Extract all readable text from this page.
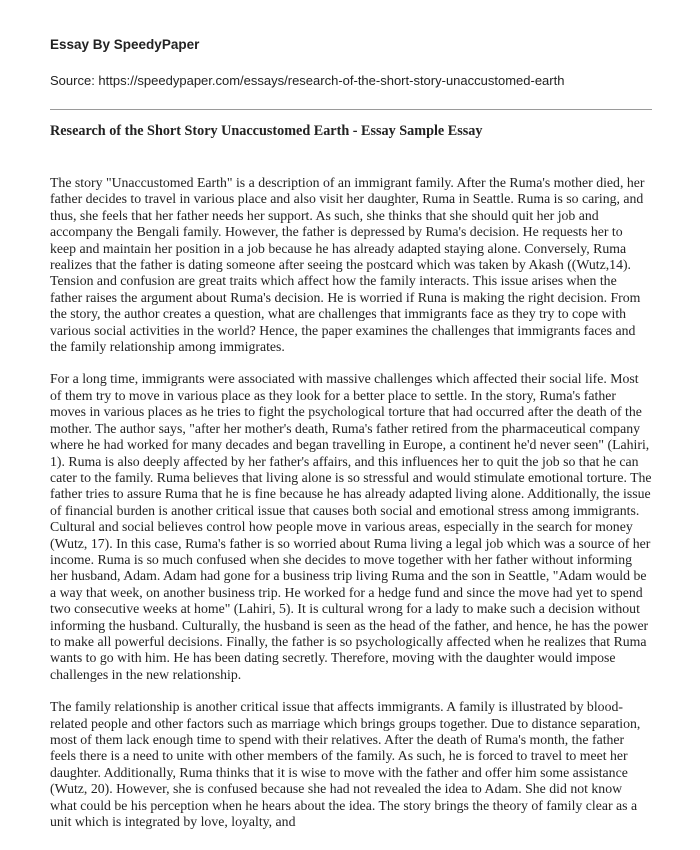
Essay By SpeedyPaper

Source: https://speedypaper.com/essays/research-of-the-short-story-unaccustomed-earth

Research of the Short Story Unaccustomed Earth - Essay Sample Essay

The story "Unaccustomed Earth" is a description of an immigrant family. After the Ruma's mother died, her father decides to travel in various place and also visit her daughter, Ruma in Seattle. Ruma is so caring, and thus, she feels that her father needs her support. As such, she thinks that she should quit her job and accompany the Bengali family. However, the father is depressed by Ruma's decision. He requests her to keep and maintain her position in a job because he has already adapted staying alone. Conversely, Ruma realizes that the father is dating someone after seeing the postcard which was taken by Akash ((Wutz,14). Tension and confusion are great traits which affect how the family interacts. This issue arises when the father raises the argument about Ruma's decision. He is worried if Runa is making the right decision. From the story, the author creates a question, what are challenges that immigrants face as they try to cope with various social activities in the world? Hence, the paper examines the challenges that immigrants faces and the family relationship among immigrates.

For a long time, immigrants were associated with massive challenges which affected their social life. Most of them try to move in various place as they look for a better place to settle. In the story, Ruma's father moves in various places as he tries to fight the psychological torture that had occurred after the death of the mother. The author says, "after her mother's death, Ruma's father retired from the pharmaceutical company where he had worked for many decades and began travelling in Europe, a continent he'd never seen" (Lahiri, 1). Ruma is also deeply affected by her father's affairs, and this influences her to quit the job so that he can cater to the family. Ruma believes that living alone is so stressful and would stimulate emotional torture. The father tries to assure Ruma that he is fine because he has already adapted living alone. Additionally, the issue of financial burden is another critical issue that causes both social and emotional stress among immigrants. Cultural and social believes control how people move in various areas, especially in the search for money (Wutz, 17). In this case, Ruma's father is so worried about Ruma living a legal job which was a source of her income. Ruma is so much confused when she decides to move together with her father without informing her husband, Adam. Adam had gone for a business trip living Ruma and the son in Seattle, "Adam would be a way that week, on another business trip. He worked for a hedge fund and since the move had yet to spend two consecutive weeks at home" (Lahiri, 5). It is cultural wrong for a lady to make such a decision without informing the husband. Culturally, the husband is seen as the head of the father, and hence, he has the power to make all powerful decisions. Finally, the father is so psychologically affected when he realizes that Ruma wants to go with him. He has been dating secretly. Therefore, moving with the daughter would impose challenges in the new relationship.

The family relationship is another critical issue that affects immigrants. A family is illustrated by blood-related people and other factors such as marriage which brings groups together. Due to distance separation, most of them lack enough time to spend with their relatives. After the death of Ruma's month, the father feels there is a need to unite with other members of the family. As such, he is forced to travel to meet her daughter. Additionally, Ruma thinks that it is wise to move with the father and offer him some assistance (Wutz, 20). However, she is confused because she had not revealed the idea to Adam. She did not know what could be his perception when he hears about the idea. The story brings the theory of family clear as a unit which is integrated by love, loyalty, and
